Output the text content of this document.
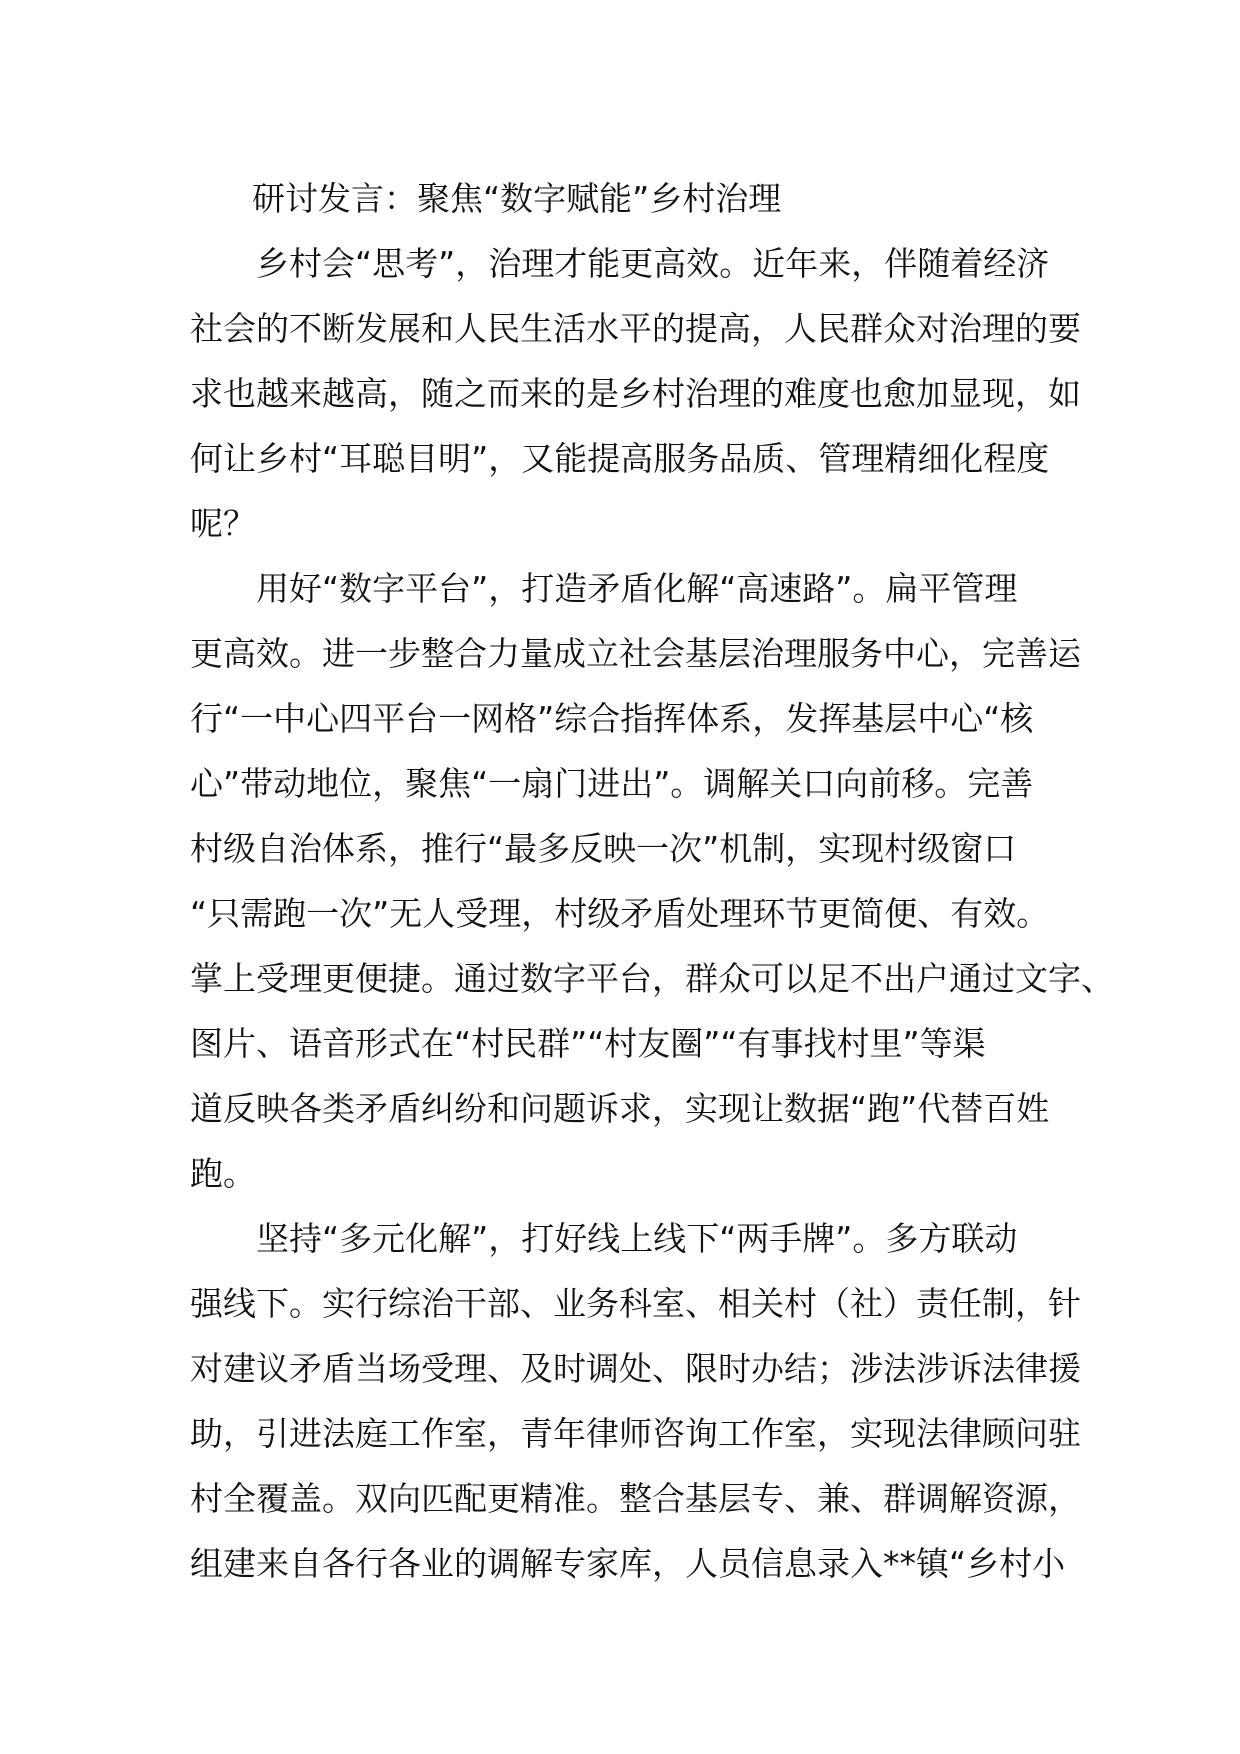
研讨发言：聚焦“数字赋能”乡村治理
　　乡村会“思考”，治理才能更高效。近年来，伴随着经济
社会的不断发展和人民生活水平的提高，人民群众对治理的要
求也越来越高，随之而来的是乡村治理的难度也愈加显现，如
何让乡村“耳聪目明”，又能提高服务品质、管理精细化程度
呢？
　　用好“数字平台”，打造矛盾化解“高速路”。扁平管理
更高效。进一步整合力量成立社会基层治理服务中心，完善运
行“一中心四平台一网格”综合指挥体系，发挥基层中心“核
心”带动地位，聚焦“一扇门进出”。调解关口向前移。完善
村级自治体系，推行“最多反映一次”机制，实现村级窗口
“只需跑一次”无人受理，村级矛盾处理环节更简便、有效。
掌上受理更便捷。通过数字平台，群众可以足不出户通过文字、
图片、语音形式在“村民群”“村友圈”“有事找村里”等渠
道反映各类矛盾纠纷和问题诉求，实现让数据“跑”代替百姓
跑。
　　坚持“多元化解”，打好线上线下“两手牌”。多方联动
强线下。实行综治干部、业务科室、相关村（社）责任制，针
对建议矛盾当场受理、及时调处、限时办结；涉法涉诉法律援
助，引进法庭工作室，青年律师咨询工作室，实现法律顾问驻
村全覆盖。双向匹配更精准。整合基层专、兼、群调解资源，
组建来自各行各业的调解专家库，人员信息录入**镇“乡村小
